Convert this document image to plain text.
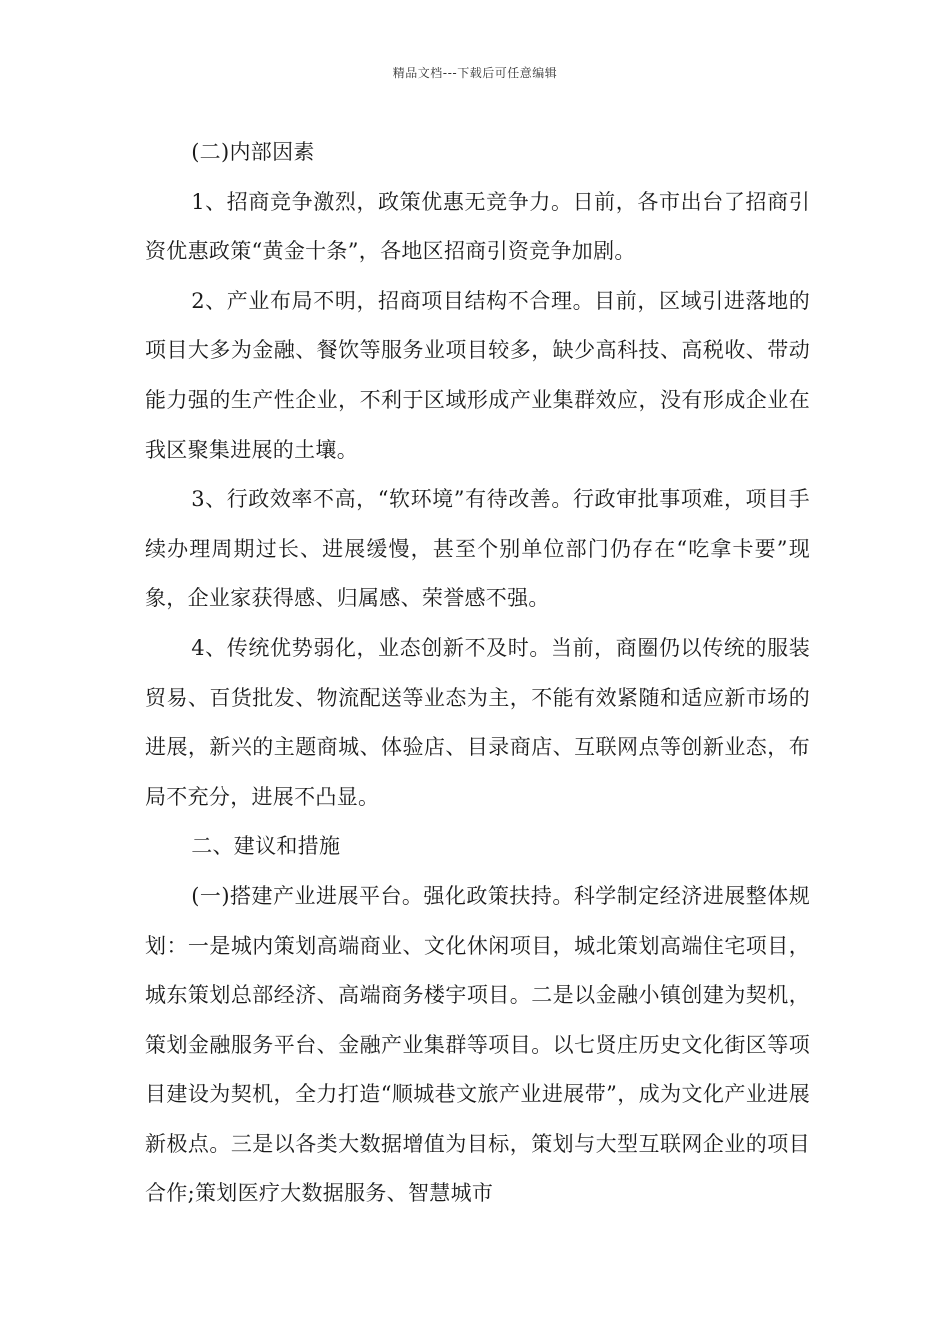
精品文档---下载后可任意编辑

(二)内部因素

1、招商竞争激烈，政策优惠无竞争力。日前，各市出台了招商引资优惠政策“黄金十条”，各地区招商引资竞争加剧。

2、产业布局不明，招商项目结构不合理。目前，区域引进落地的项目大多为金融、餐饮等服务业项目较多，缺少高科技、高税收、带动能力强的生产性企业，不利于区域形成产业集群效应，没有形成企业在我区聚集进展的土壤。

3、行政效率不高，“软环境”有待改善。行政审批事项难，项目手续办理周期过长、进展缓慢，甚至个别单位部门仍存在“吃拿卡要”现象，企业家获得感、归属感、荣誉感不强。

4、传统优势弱化，业态创新不及时。当前，商圈仍以传统的服装贸易、百货批发、物流配送等业态为主，不能有效紧随和适应新市场的进展，新兴的主题商城、体验店、目录商店、互联网点等创新业态，布局不充分，进展不凸显。

二、建议和措施

(一)搭建产业进展平台。强化政策扶持。科学制定经济进展整体规划：一是城内策划高端商业、文化休闲项目，城北策划高端住宅项目，城东策划总部经济、高端商务楼宇项目。二是以金融小镇创建为契机，策划金融服务平台、金融产业集群等项目。以七贤庄历史文化街区等项目建设为契机，全力打造“顺城巷文旅产业进展带”，成为文化产业进展新极点。三是以各类大数据增值为目标，策划与大型互联网企业的项目合作;策划医疗大数据服务、智慧城市
